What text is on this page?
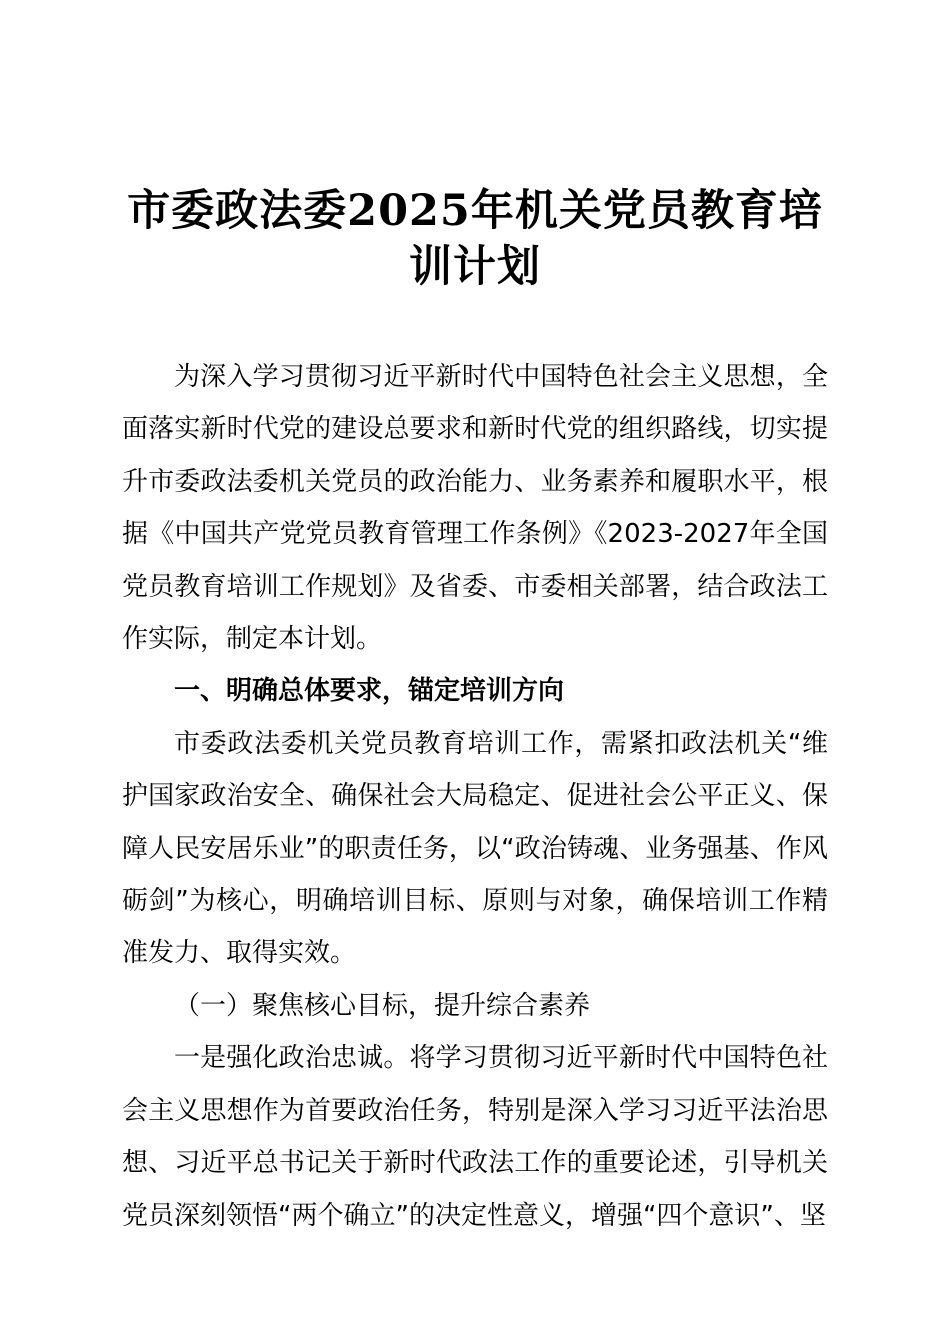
市委政法委2025年机关党员教育培训计划

为深入学习贯彻习近平新时代中国特色社会主义思想，全面落实新时代党的建设总要求和新时代党的组织路线，切实提升市委政法委机关党员的政治能力、业务素养和履职水平，根据《中国共产党党员教育管理工作条例》《2023-2027年全国党员教育培训工作规划》及省委、市委相关部署，结合政法工作实际，制定本计划。

一、明确总体要求，锚定培训方向

市委政法委机关党员教育培训工作，需紧扣政法机关“维护国家政治安全、确保社会大局稳定、促进社会公平正义、保障人民安居乐业”的职责任务，以“政治铸魂、业务强基、作风砺剑”为核心，明确培训目标、原则与对象，确保培训工作精准发力、取得实效。

（一）聚焦核心目标，提升综合素养

一是强化政治忠诚。将学习贯彻习近平新时代中国特色社会主义思想作为首要政治任务，特别是深入学习习近平法治思想、习近平总书记关于新时代政法工作的重要论述，引导机关党员深刻领悟“两个确立”的决定性意义，增强“四个意识”、坚
